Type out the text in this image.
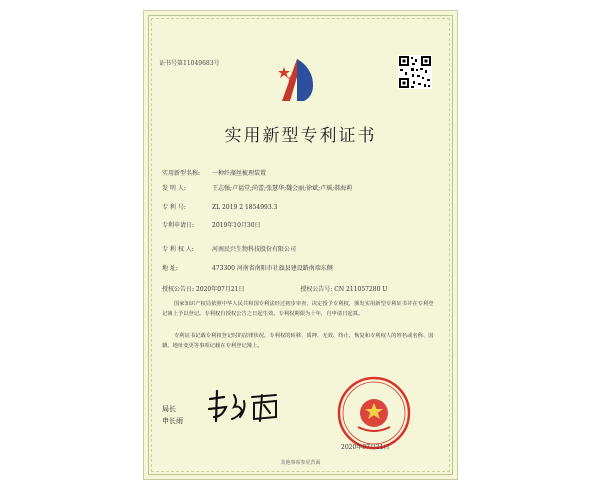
证书号第11049683号
实用新型专利证书
实用新型名称: 一种纤藻丝梳理装置
发 明 人:	王志强;卢福堂;尚蕾;张慧华;魏会丽;徐斌;卢瑶;郝海莉
专 利 号:	ZL 2019 2 1854993.3
专利申请日:	2019年10月30日
专 利 权 人:	河南民兴生物科技股份有限公司
地 址:	473300 河南省南阳市社旗县建设路南端东侧
授权公告日: 2020年07月21日	授权公告号: CN 211057280 U
国家知识产权局依照中华人民共和国专利法经过初步审查，决定授予专利权，颁发实用新型专利证书并在专利登记簿上予以登记。专利权自授权公告之日起生效。专利权期限为十年，自申请日起算。
专利证书记载专利权登记时的法律状况。专利权的转移、质押、无效、终止、恢复和专利权人的姓名或名称、国籍、地址变更等事项记载在专利登记簿上。
局长
申长雨
2020年07月21日
其他事项参见背面
